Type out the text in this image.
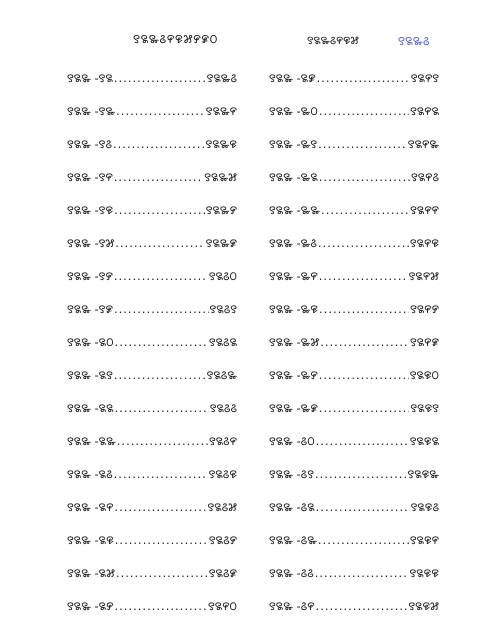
꯱꯲꯳꯴꯵꯶꯷꯸꯹꯰	꯱꯲꯳꯴꯵꯶꯷	꯱꯲꯳꯴
꯱꯲꯳ -꯱꯲ .....	꯱꯲꯳꯴
꯱꯲꯳ -꯱꯳ .....	꯱꯲꯳꯵
꯱꯲꯳ -꯱꯴ .....	꯱꯲꯳꯶
꯱꯲꯳ -꯱꯵ .....	꯱꯲꯳꯷
꯱꯲꯳ -꯱꯶ .....	꯱꯲꯳꯸
꯱꯲꯳ -꯱꯷ .....	꯱꯲꯳꯹
꯱꯲꯳ -꯱꯸ .....	꯱꯲꯴꯰
꯱꯲꯳ -꯱꯹ .....	꯱꯲꯴꯱
꯱꯲꯳ -꯲꯰ .....	꯱꯲꯴꯲
꯱꯲꯳ -꯲꯱ .....	꯱꯲꯴꯳
꯱꯲꯳ -꯲꯲ .....	꯱꯲꯴꯴
꯱꯲꯳ -꯲꯳ .....	꯱꯲꯴꯵
꯱꯲꯳ -꯲꯴ .....	꯱꯲꯴꯶
꯱꯲꯳ -꯲꯵ .....	꯱꯲꯴꯷
꯱꯲꯳ -꯲꯶ .....	꯱꯲꯴꯸
꯱꯲꯳ -꯲꯷ .....	꯱꯲꯴꯹
꯱꯲꯳ -꯲꯸ .....	꯱꯲꯵꯰
꯱꯲꯳ -꯲꯹ .....	꯱꯲꯵꯱
꯱꯲꯳ -꯳꯰ .....	꯱꯲꯵꯲
꯱꯲꯳ -꯳꯱ .....	꯱꯲꯵꯳
꯱꯲꯳ -꯳꯲ .....	꯱꯲꯵꯴
꯱꯲꯳ -꯳꯳ .....	꯱꯲꯵꯵
꯱꯲꯳ -꯳꯴ .....	꯱꯲꯵꯶
꯱꯲꯳ -꯳꯵ .....	꯱꯲꯵꯷
꯱꯲꯳ -꯳꯶ .....	꯱꯲꯵꯸
꯱꯲꯳ -꯳꯷ .....	꯱꯲꯵꯹
꯱꯲꯳ -꯳꯸ .....	꯱꯲꯶꯰
꯱꯲꯳ -꯳꯹ .....	꯱꯲꯶꯱
꯱꯲꯳ -꯴꯰ .....	꯱꯲꯶꯲
꯱꯲꯳ -꯴꯱ .....	꯱꯲꯶꯳
꯱꯲꯳ -꯴꯲ .....	꯱꯲꯶꯴
꯱꯲꯳ -꯴꯳ .....	꯱꯲꯶꯵
꯱꯲꯳ -꯴꯴ .....	꯱꯲꯶꯶
꯱꯲꯳ -꯴꯵ .....	꯱꯲꯶꯷
